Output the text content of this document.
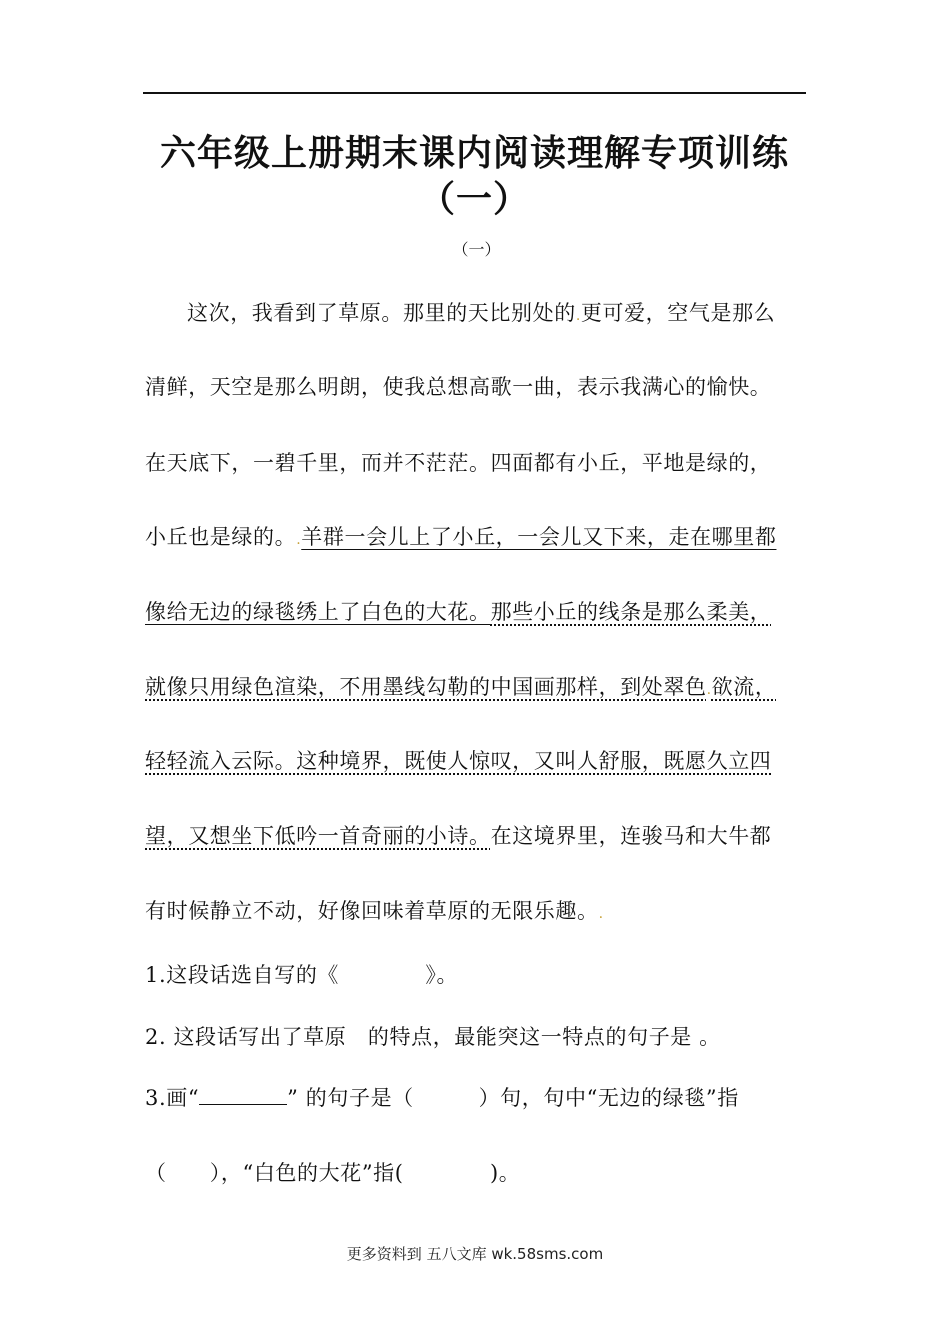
六年级上册期末课内阅读理解专项训练
（一）
（一）
这次，我看到了草原。那里的天比别处的.更可爱，空气是那么
清鲜，天空是那么明朗，使我总想高歌一曲，表示我满心的愉快。
在天底下，一碧千里，而并不茫茫。四面都有小丘，平地是绿的，
小丘也是绿的。.羊群一会儿上了小丘，一会儿又下来，走在哪里都
像给无边的绿毯绣上了白色的大花。那些小丘的线条是那么柔美，
就像只用绿色渲染，不用墨线勾勒的中国画那样，到处翠色.欲流，
轻轻流入云际。这种境界，既使人惊叹，又叫人舒服，既愿久立四
望，又想坐下低吟一首奇丽的小诗。在这境界里，连骏马和大牛都
有时候静立不动，好像回味着草原的无限乐趣。.
1.这段话选自写的《　　　　》。
2. 这段话写出了草原　的特点，最能突这一特点的句子是 。
3.画“	” 的句子是（　　　）句，句中“无边的绿毯”指
（　　），“白色的大花”指(　　　　)。
更多资料到 五八文库 wk.58sms.com
